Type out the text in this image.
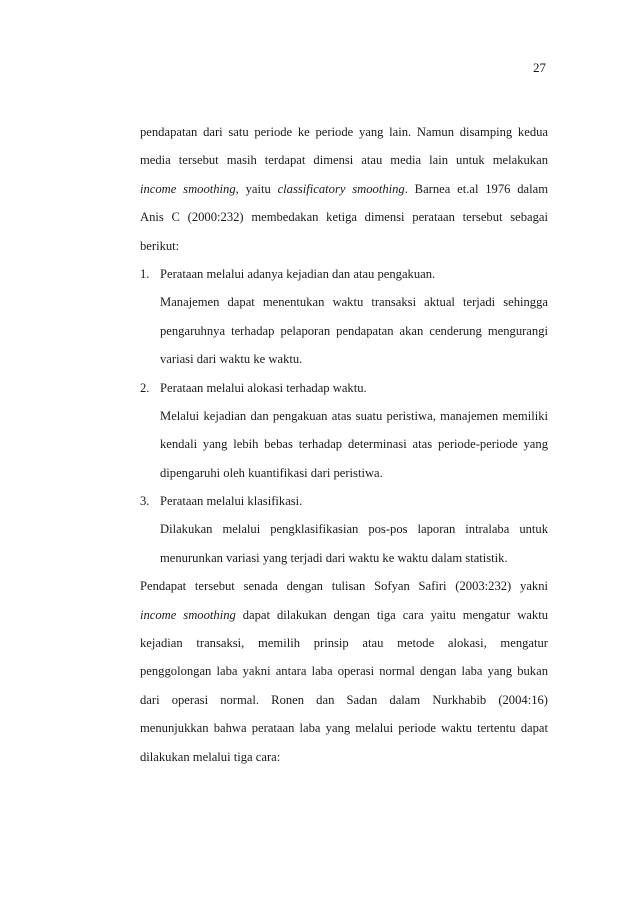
27
pendapatan dari satu periode ke periode yang lain. Namun disamping kedua
media tersebut masih terdapat dimensi atau media lain untuk melakukan
income smoothing, yaitu classificatory smoothing. Barnea et.al 1976 dalam
Anis C (2000:232) membedakan ketiga dimensi perataan tersebut sebagai
berikut:
1. Perataan melalui adanya kejadian dan atau pengakuan.
Manajemen dapat menentukan waktu transaksi aktual terjadi sehingga
pengaruhnya terhadap pelaporan pendapatan akan cenderung mengurangi
variasi dari waktu ke waktu.
2. Perataan melalui alokasi terhadap waktu.
Melalui kejadian dan pengakuan atas suatu peristiwa, manajemen memiliki
kendali yang lebih bebas terhadap determinasi atas periode-periode yang
dipengaruhi oleh kuantifikasi dari peristiwa.
3. Perataan melalui klasifikasi.
Dilakukan melalui pengklasifikasian pos-pos laporan intralaba untuk
menurunkan variasi yang terjadi dari waktu ke waktu dalam statistik.
Pendapat tersebut senada dengan tulisan Sofyan Safiri (2003:232) yakni
income smoothing dapat dilakukan dengan tiga cara yaitu mengatur waktu
kejadian transaksi, memilih prinsip atau metode alokasi, mengatur
penggolongan laba yakni antara laba operasi normal dengan laba yang bukan
dari operasi normal. Ronen dan Sadan dalam Nurkhabib (2004:16)
menunjukkan bahwa perataan laba yang melalui periode waktu tertentu dapat
dilakukan melalui tiga cara:
